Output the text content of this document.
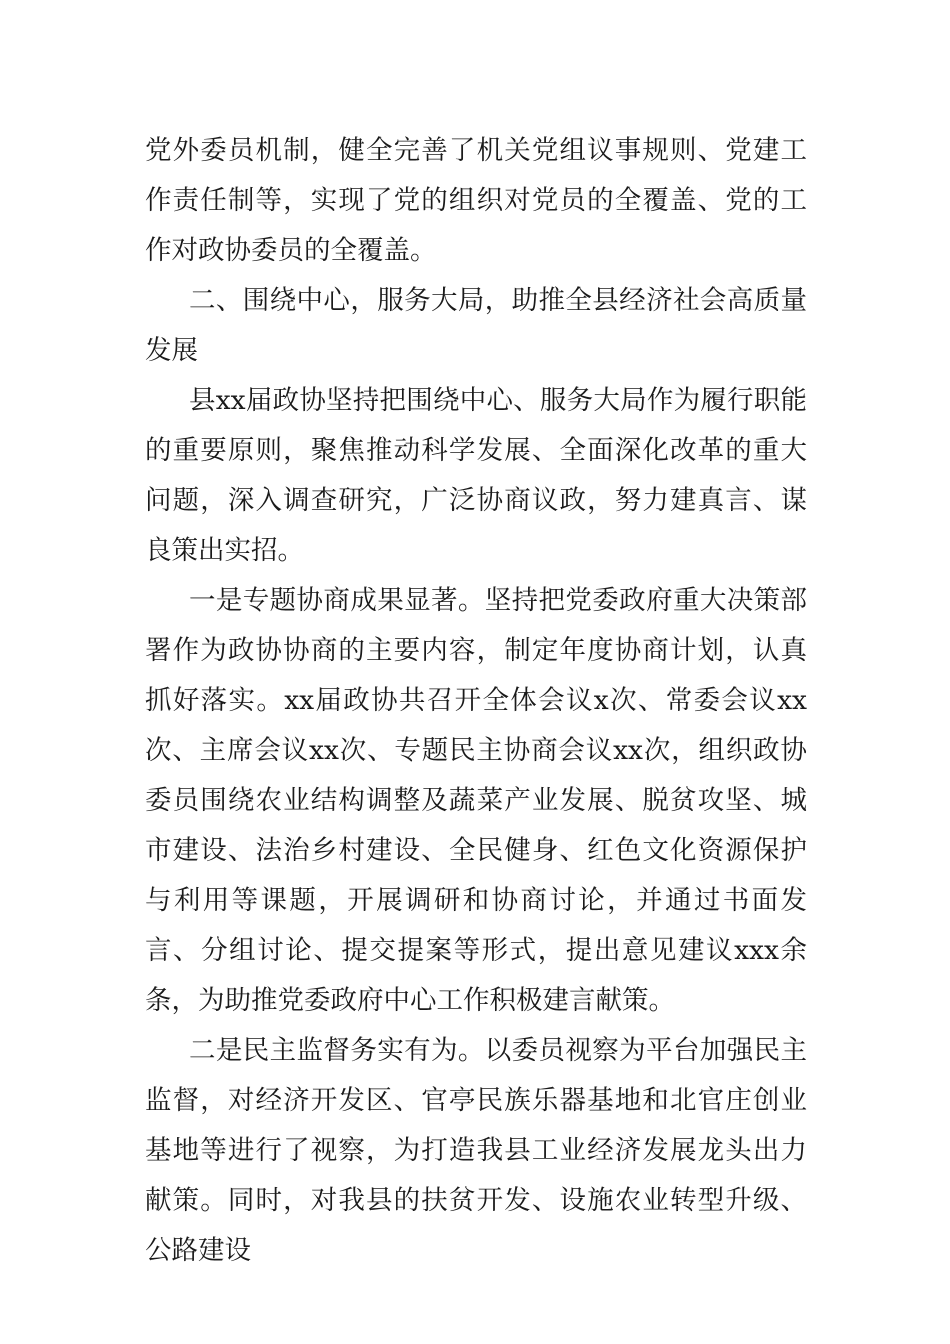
党外委员机制，健全完善了机关党组议事规则、党建工作责任制等，实现了党的组织对党员的全覆盖、党的工作对政协委员的全覆盖。

二、围绕中心，服务大局，助推全县经济社会高质量发展

县xx届政协坚持把围绕中心、服务大局作为履行职能的重要原则，聚焦推动科学发展、全面深化改革的重大问题，深入调查研究，广泛协商议政，努力建真言、谋良策出实招。

一是专题协商成果显著。坚持把党委政府重大决策部署作为政协协商的主要内容，制定年度协商计划，认真抓好落实。xx届政协共召开全体会议x次、常委会议xx次、主席会议xx次、专题民主协商会议xx次，组织政协委员围绕农业结构调整及蔬菜产业发展、脱贫攻坚、城市建设、法治乡村建设、全民健身、红色文化资源保护与利用等课题，开展调研和协商讨论，并通过书面发言、分组讨论、提交提案等形式，提出意见建议xxx余条，为助推党委政府中心工作积极建言献策。

二是民主监督务实有为。以委员视察为平台加强民主监督，对经济开发区、官亭民族乐器基地和北官庄创业基地等进行了视察，为打造我县工业经济发展龙头出力献策。同时，对我县的扶贫开发、设施农业转型升级、公路建设
